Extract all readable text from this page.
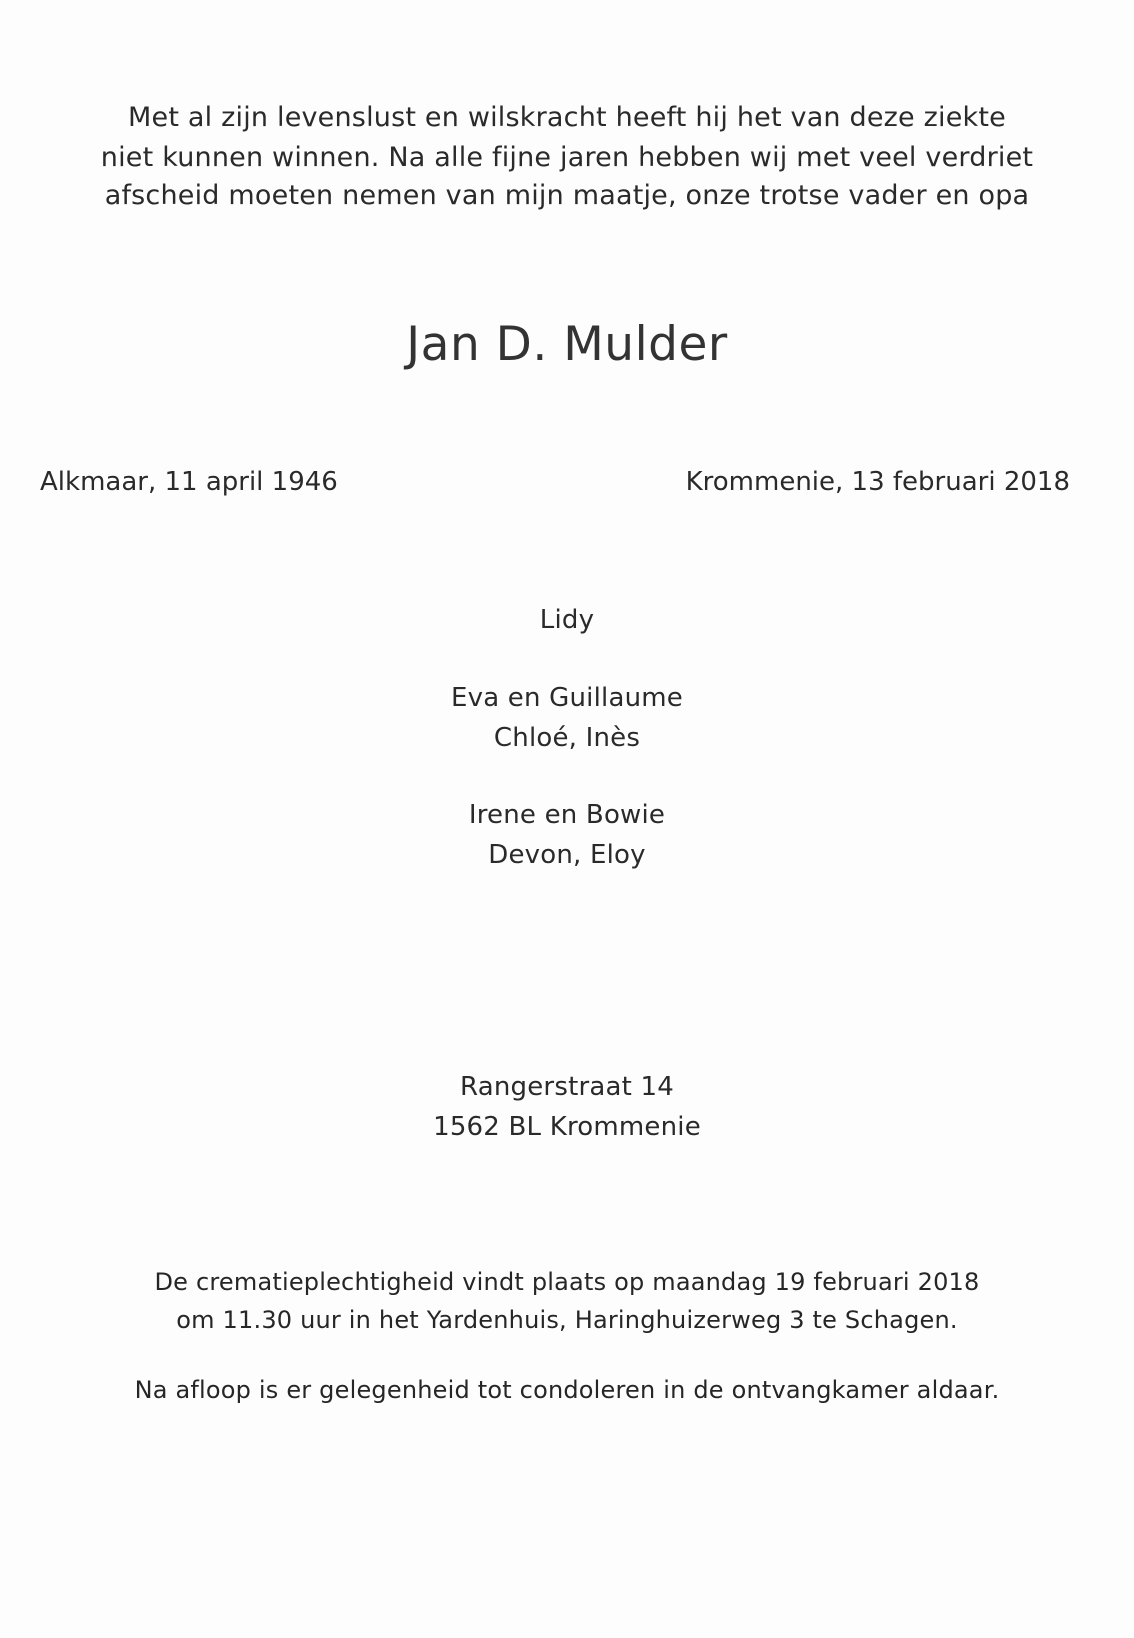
Met al zijn levenslust en wilskracht heeft hij het van deze ziekte
niet kunnen winnen. Na alle fijne jaren hebben wij met veel verdriet
afscheid moeten nemen van mijn maatje, onze trotse vader en opa
Jan D. Mulder
Alkmaar, 11 april 1946	Krommenie, 13 februari 2018
Lidy
Eva en Guillaume
Chloé, Inès
Irene en Bowie
Devon, Eloy
Rangerstraat 14
1562 BL Krommenie
De crematieplechtigheid vindt plaats op maandag 19 februari 2018
om 11.30 uur in het Yardenhuis, Haringhuizerweg 3 te Schagen.
Na afloop is er gelegenheid tot condoleren in de ontvangkamer aldaar.
